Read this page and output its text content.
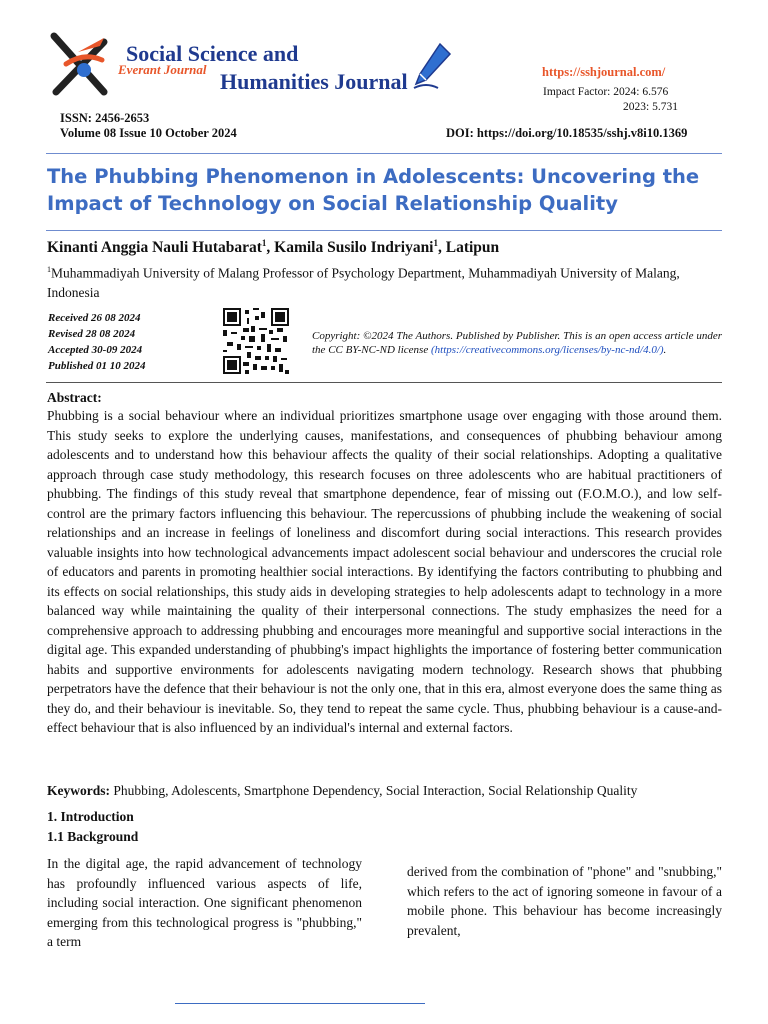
Social Science and
Humanities Journal
Everant Journal	https://sshjournal.com/
Impact Factor: 2024: 6.576
2023: 5.731
ISSN: 2456-2653
Volume 08 Issue 10 October 2024	DOI: https://doi.org/10.18535/sshj.v8i10.1369
The Phubbing Phenomenon in Adolescents: Uncovering the Impact of Technology on Social Relationship Quality
Kinanti Anggia Nauli Hutabarat$^1$, Kamila Susilo Indriyani$^1$, Latipun
$^1$Muhammadiyah University of Malang Professor of Psychology Department, Muhammadiyah University of Malang, Indonesia
Received 26 08 2024
Revised 28 08 2024
Accepted 30-09 2024
Published 01 10 2024
Copyright: ©2024 The Authors. Published by Publisher. This is an open access article under the CC BY-NC-ND license (https://creativecommons.org/licenses/by-nc-nd/4.0/).
Abstract:
Phubbing is a social behaviour where an individual prioritizes smartphone usage over engaging with those around them. This study seeks to explore the underlying causes, manifestations, and consequences of phubbing behaviour among adolescents and to understand how this behaviour affects the quality of their social relationships. Adopting a qualitative approach through case study methodology, this research focuses on three adolescents who are habitual practitioners of phubbing. The findings of this study reveal that smartphone dependence, fear of missing out (F.O.M.O.), and low self-control are the primary factors influencing this behaviour. The repercussions of phubbing include the weakening of social relationships and an increase in feelings of loneliness and discomfort during social interactions. This research provides valuable insights into how technological advancements impact adolescent social behaviour and underscores the crucial role of educators and parents in promoting healthier social interactions. By identifying the factors contributing to phubbing and its effects on social relationships, this study aids in developing strategies to help adolescents adapt to technology in a more balanced way while maintaining the quality of their interpersonal connections. The study emphasizes the need for a comprehensive approach to addressing phubbing and encourages more meaningful and supportive social interactions in the digital age. This expanded understanding of phubbing's impact highlights the importance of fostering better communication habits and supportive environments for adolescents navigating modern technology. Research shows that phubbing perpetrators have the defence that their behaviour is not the only one, that in this era, almost everyone does the same thing as they do, and their behaviour is inevitable. So, they tend to repeat the same cycle. Thus, phubbing behaviour is a cause-and-effect behaviour that is also influenced by an individual's internal and external factors.
Keywords: Phubbing, Adolescents, Smartphone Dependency, Social Interaction, Social Relationship Quality
1. Introduction
1.1 Background
In the digital age, the rapid advancement of technology has profoundly influenced various aspects of life, including social interaction. One significant phenomenon emerging from this technological progress is "phubbing," a term
derived from the combination of "phone" and "snubbing," which refers to the act of ignoring someone in favour of a mobile phone. This behaviour has become increasingly prevalent,
